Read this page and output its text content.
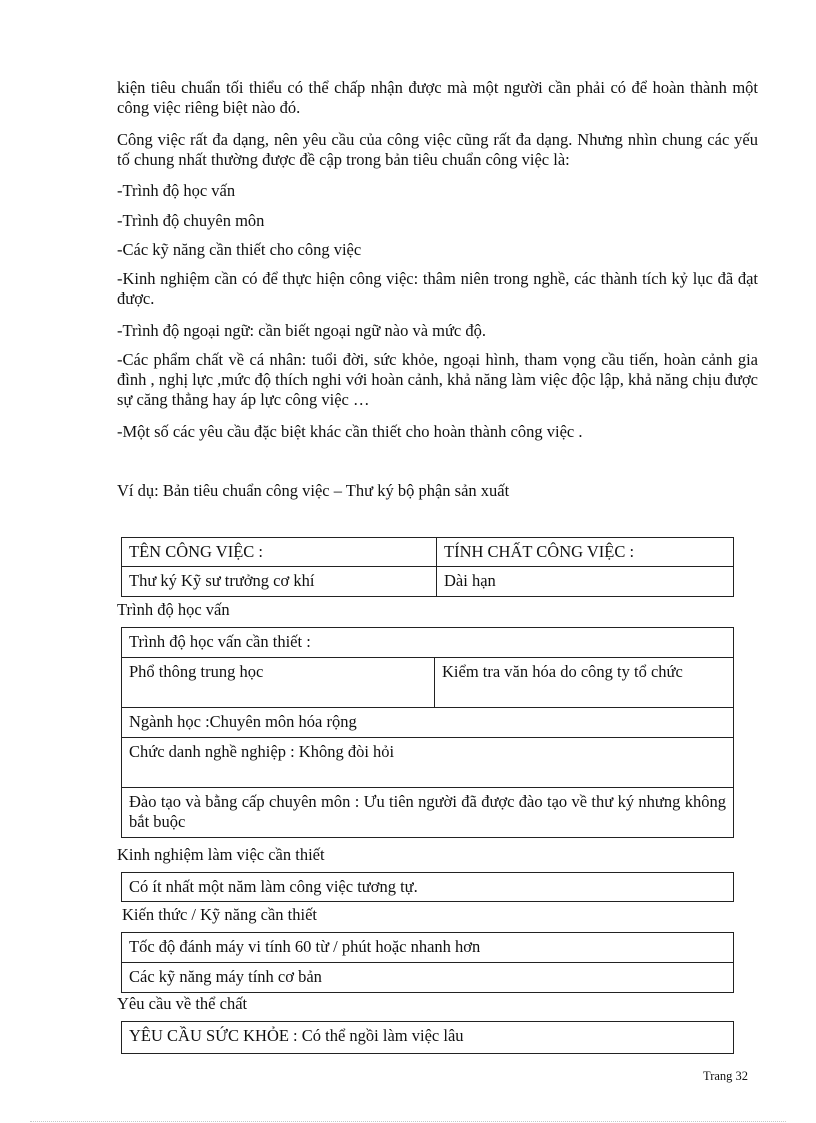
kiện tiêu chuẩn tối thiểu có thể chấp nhận được mà một người cần phải có để hoàn thành một công việc riêng biệt nào đó.

Công việc rất đa dạng, nên yêu cầu của công việc cũng rất đa dạng. Nhưng nhìn chung các yếu tố chung nhất thường được đề cập trong bản tiêu chuẩn công việc là:

-Trình độ học vấn

-Trình độ chuyên môn

-Các kỹ năng cần thiết cho công việc

-Kinh nghiệm cần có để thực hiện công việc: thâm niên trong nghề, các thành tích kỷ lục đã đạt được.

-Trình độ ngoại ngữ: cần biết ngoại ngữ nào và mức độ.

-Các phẩm chất về cá nhân: tuổi đời, sức khỏe, ngoại hình, tham vọng cầu tiến, hoàn cảnh gia đình , nghị lực ,mức độ thích nghi với hoàn cảnh, khả năng làm việc độc lập, khả năng chịu được sự căng thẳng hay áp lực công việc …

-Một số các yêu cầu đặc biệt khác cần thiết cho hoàn thành công việc .

Ví dụ: Bản tiêu chuẩn công việc – Thư ký bộ phận sản xuất

TÊN CÔNG VIỆC :	TÍNH CHẤT CÔNG VIỆC :
Thư ký Kỹ sư trưởng cơ khí	Dài hạn

Trình độ học vấn

Trình độ học vấn cần thiết :
Phổ thông trung học	Kiểm tra văn hóa do công ty tổ chức
Ngành học :Chuyên môn hóa rộng

Chức danh nghề nghiệp : Không đòi hỏi

Đào tạo và bằng cấp chuyên môn : Ưu tiên người đã được đào tạo về thư ký nhưng không bắt buộc

Kinh nghiệm làm việc cần thiết

Có ít nhất một năm làm công việc tương tự.

Kiến thức / Kỹ năng cần thiết

Tốc độ đánh máy vi tính 60 từ / phút hoặc nhanh hơn
Các kỹ năng máy tính cơ bản

Yêu cầu về thể chất

YÊU CẦU SỨC KHỎE : Có thể ngồi làm việc lâu
Trang 32
